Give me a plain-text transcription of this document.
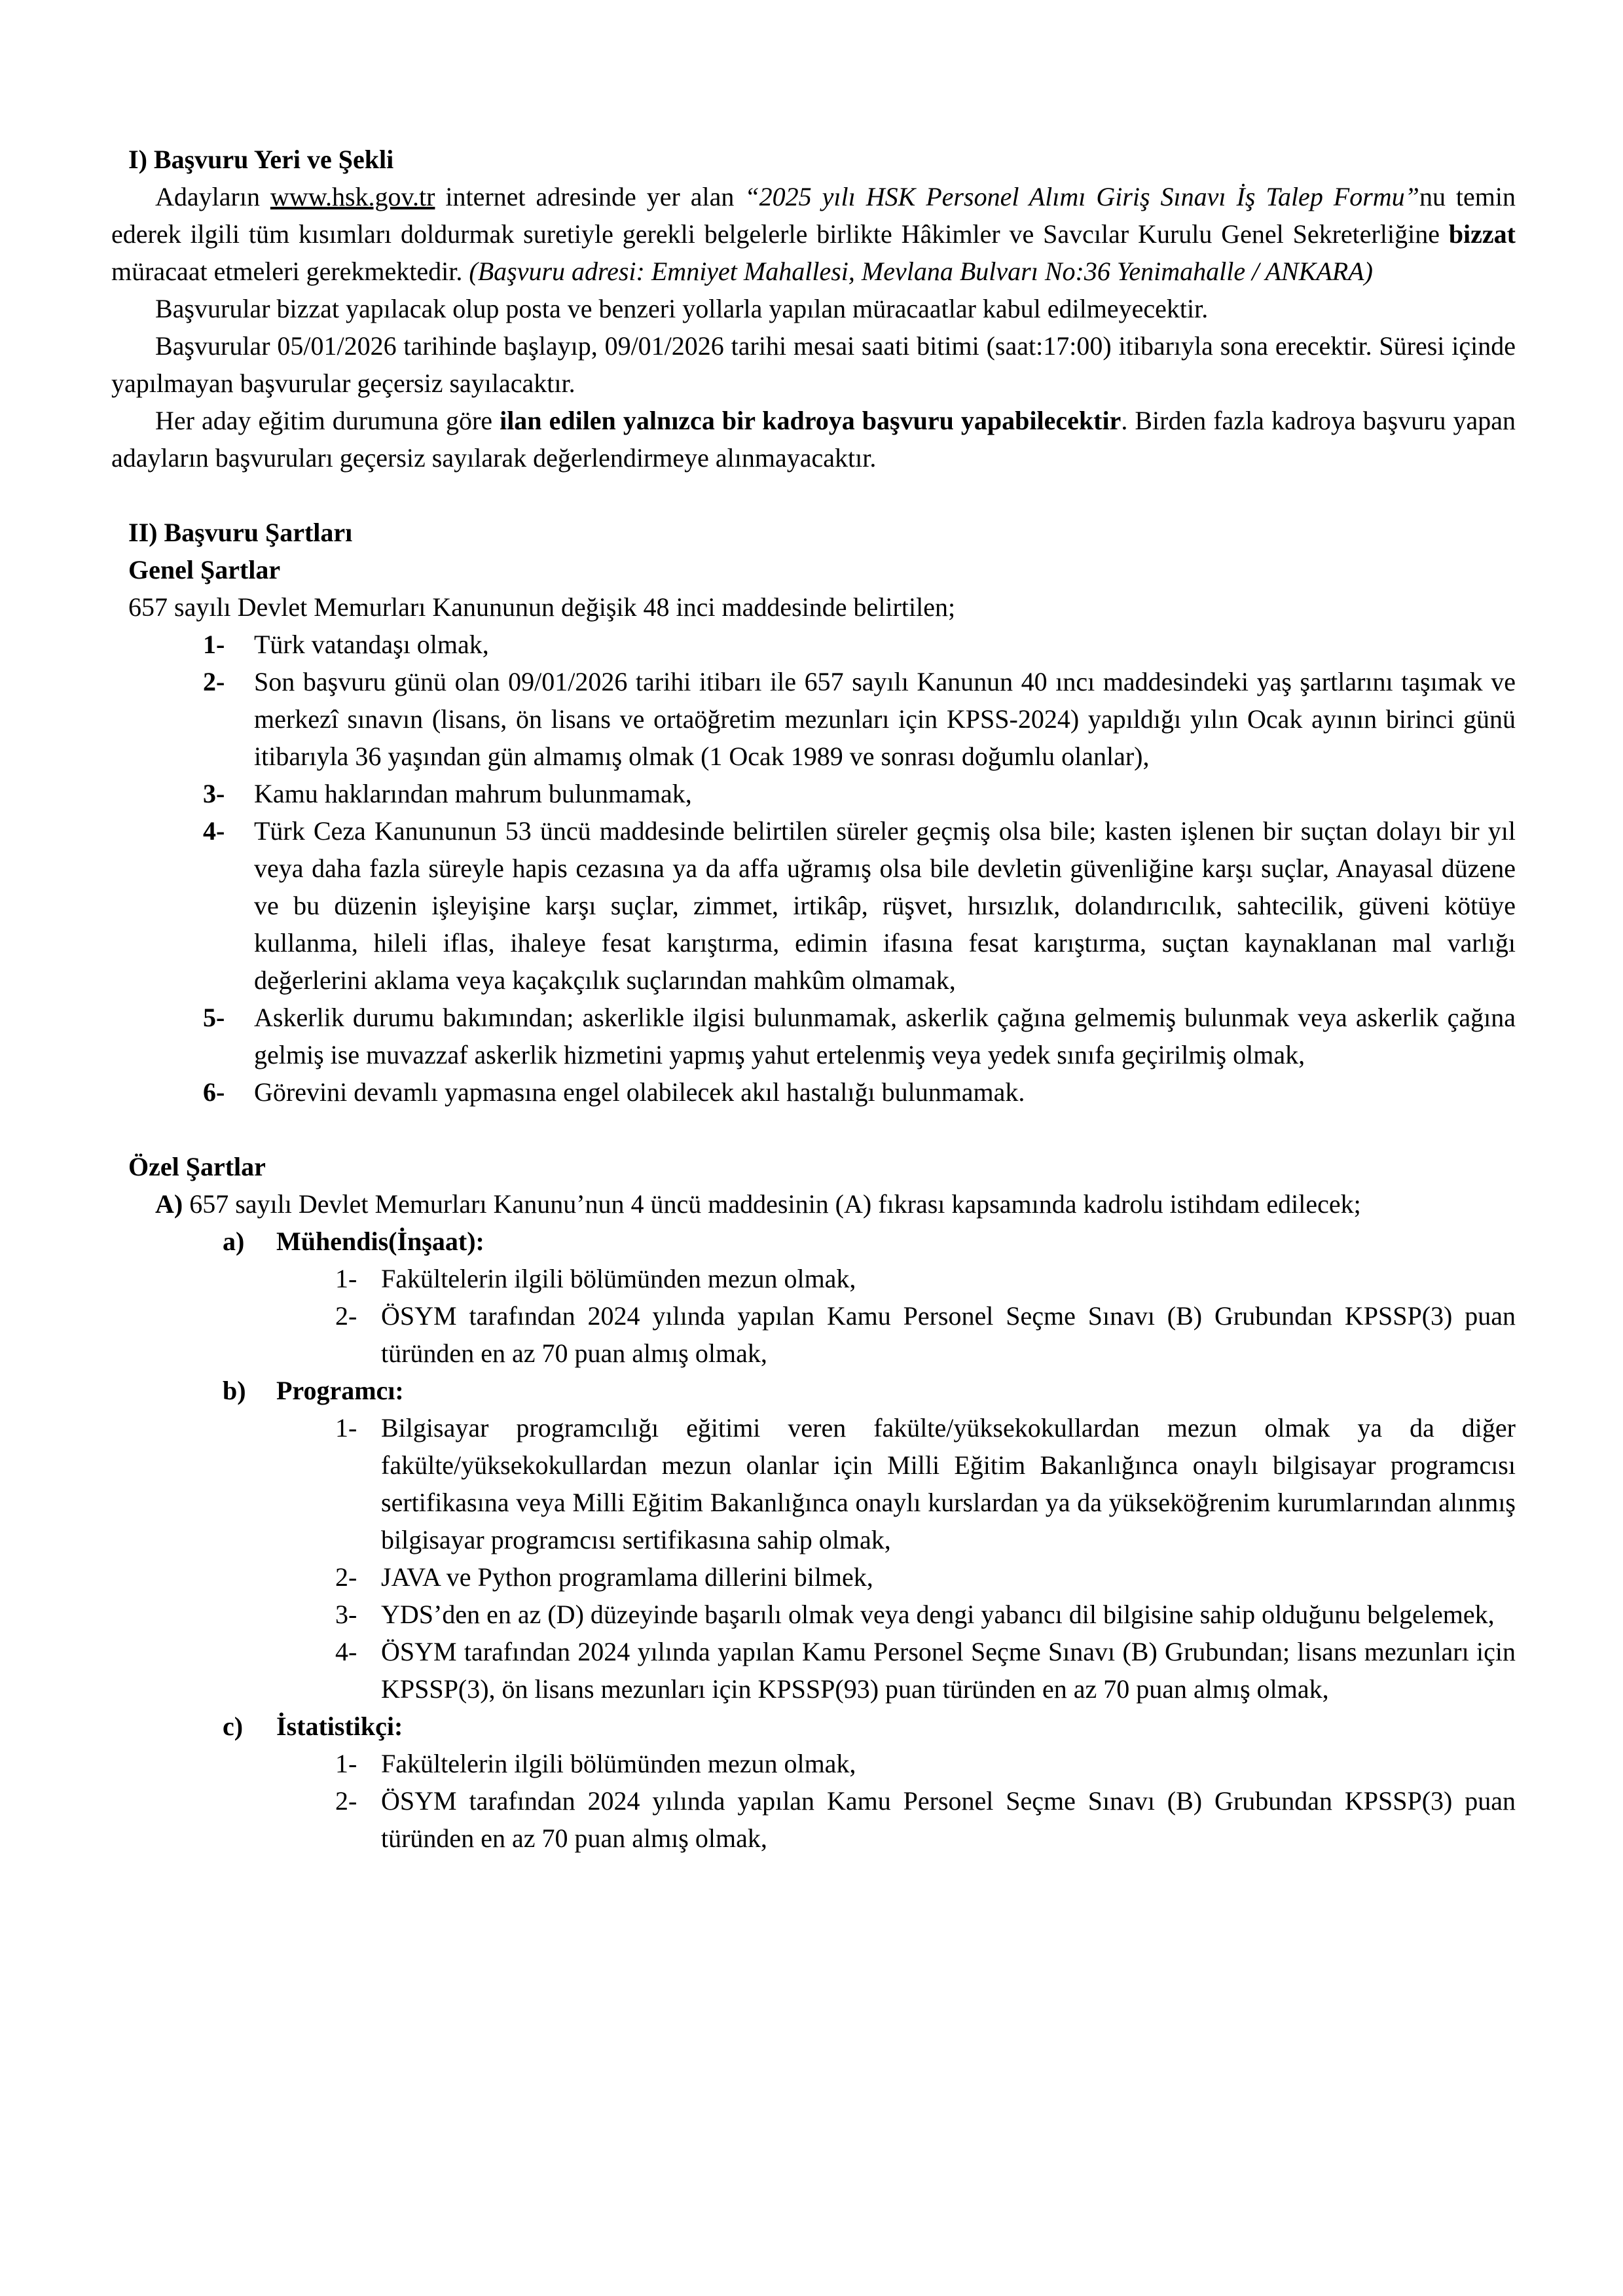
I) Başvuru Yeri ve Şekli

Adayların www.hsk.gov.tr internet adresinde yer alan “2025 yılı HSK Personel Alımı Giriş Sınavı İş Talep Formu”nu temin ederek ilgili tüm kısımları doldurmak suretiyle gerekli belgelerle birlikte Hâkimler ve Savcılar Kurulu Genel Sekreterliğine bizzat müracaat etmeleri gerekmektedir. (Başvuru adresi: Emniyet Mahallesi, Mevlana Bulvarı No:36 Yenimahalle / ANKARA)

Başvurular bizzat yapılacak olup posta ve benzeri yollarla yapılan müracaatlar kabul edilmeyecektir.

Başvurular 05/01/2026 tarihinde başlayıp, 09/01/2026 tarihi mesai saati bitimi (saat:17:00) itibarıyla sona erecektir. Süresi içinde yapılmayan başvurular geçersiz sayılacaktır.

Her aday eğitim durumuna göre ilan edilen yalnızca bir kadroya başvuru yapabilecektir. Birden fazla kadroya başvuru yapan adayların başvuruları geçersiz sayılarak değerlendirmeye alınmayacaktır.

II) Başvuru Şartları
Genel Şartlar

657 sayılı Devlet Memurları Kanununun değişik 48 inci maddesinde belirtilen;

1- Türk vatandaşı olmak,
2- Son başvuru günü olan 09/01/2026 tarihi itibarı ile 657 sayılı Kanunun 40 ıncı maddesindeki yaş şartlarını taşımak ve merkezî sınavın (lisans, ön lisans ve ortaöğretim mezunları için KPSS-2024) yapıldığı yılın Ocak ayının birinci günü itibarıyla 36 yaşından gün almamış olmak (1 Ocak 1989 ve sonrası doğumlu olanlar),
3- Kamu haklarından mahrum bulunmamak,
4- Türk Ceza Kanununun 53 üncü maddesinde belirtilen süreler geçmiş olsa bile; kasten işlenen bir suçtan dolayı bir yıl veya daha fazla süreyle hapis cezasına ya da affa uğramış olsa bile devletin güvenliğine karşı suçlar, Anayasal düzene ve bu düzenin işleyişine karşı suçlar, zimmet, irtikâp, rüşvet, hırsızlık, dolandırıcılık, sahtecilik, güveni kötüye kullanma, hileli iflas, ihaleye fesat karıştırma, edimin ifasına fesat karıştırma, suçtan kaynaklanan mal varlığı değerlerini aklama veya kaçakçılık suçlarından mahkûm olmamak,
5- Askerlik durumu bakımından; askerlikle ilgisi bulunmamak, askerlik çağına gelmemiş bulunmak veya askerlik çağına gelmiş ise muvazzaf askerlik hizmetini yapmış yahut ertelenmiş veya yedek sınıfa geçirilmiş olmak,
6- Görevini devamlı yapmasına engel olabilecek akıl hastalığı bulunmamak.
Özel Şartlar

A) 657 sayılı Devlet Memurları Kanunu’nun 4 üncü maddesinin (A) fıkrası kapsamında kadrolu istihdam edilecek;

a) Mühendis(İnşaat):
1- Fakültelerin ilgili bölümünden mezun olmak,
2- ÖSYM tarafından 2024 yılında yapılan Kamu Personel Seçme Sınavı (B) Grubundan KPSSP(3) puan türünden en az 70 puan almış olmak,
b) Programcı:
1- Bilgisayar programcılığı eğitimi veren fakülte/yüksekokullardan mezun olmak ya da diğer fakülte/yüksekokullardan mezun olanlar için Milli Eğitim Bakanlığınca onaylı bilgisayar programcısı sertifikasına veya Milli Eğitim Bakanlığınca onaylı kurslardan ya da yükseköğrenim kurumlarından alınmış bilgisayar programcısı sertifikasına sahip olmak,
2- JAVA ve Python programlama dillerini bilmek,
3- YDS’den en az (D) düzeyinde başarılı olmak veya dengi yabancı dil bilgisine sahip olduğunu belgelemek,
4- ÖSYM tarafından 2024 yılında yapılan Kamu Personel Seçme Sınavı (B) Grubundan; lisans mezunları için KPSSP(3), ön lisans mezunları için KPSSP(93) puan türünden en az 70 puan almış olmak,
c) İstatistikçi:
1- Fakültelerin ilgili bölümünden mezun olmak,
2- ÖSYM tarafından 2024 yılında yapılan Kamu Personel Seçme Sınavı (B) Grubundan KPSSP(3) puan türünden en az 70 puan almış olmak,
